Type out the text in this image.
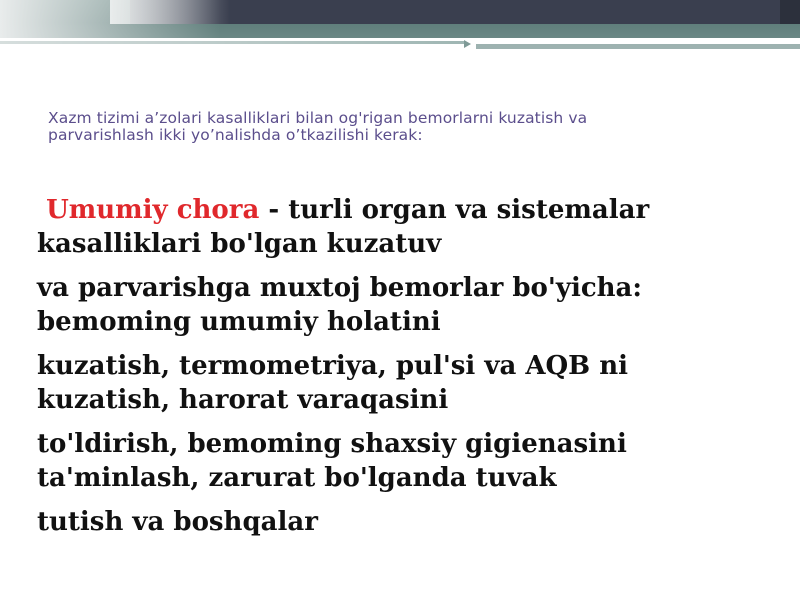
Xazm tizimi a’zolari kasalliklari bilan og'rigan bemorlarni kuzatish va
parvarishlash ikki yo’nalishda o’tkazilishi kerak:
Umumiy chora - turli organ va sistemalar
kasalliklari bo'lgan kuzatuv
va parvarishga muxtoj bemorlar bo'yicha:
bemoming umumiy holatini
kuzatish, termometriya, pul'si va AQB ni
kuzatish, harorat varaqasini
to'ldirish, bemoming shaxsiy gigienasini
ta'minlash, zarurat bo'lganda tuvak
tutish va boshqalar
